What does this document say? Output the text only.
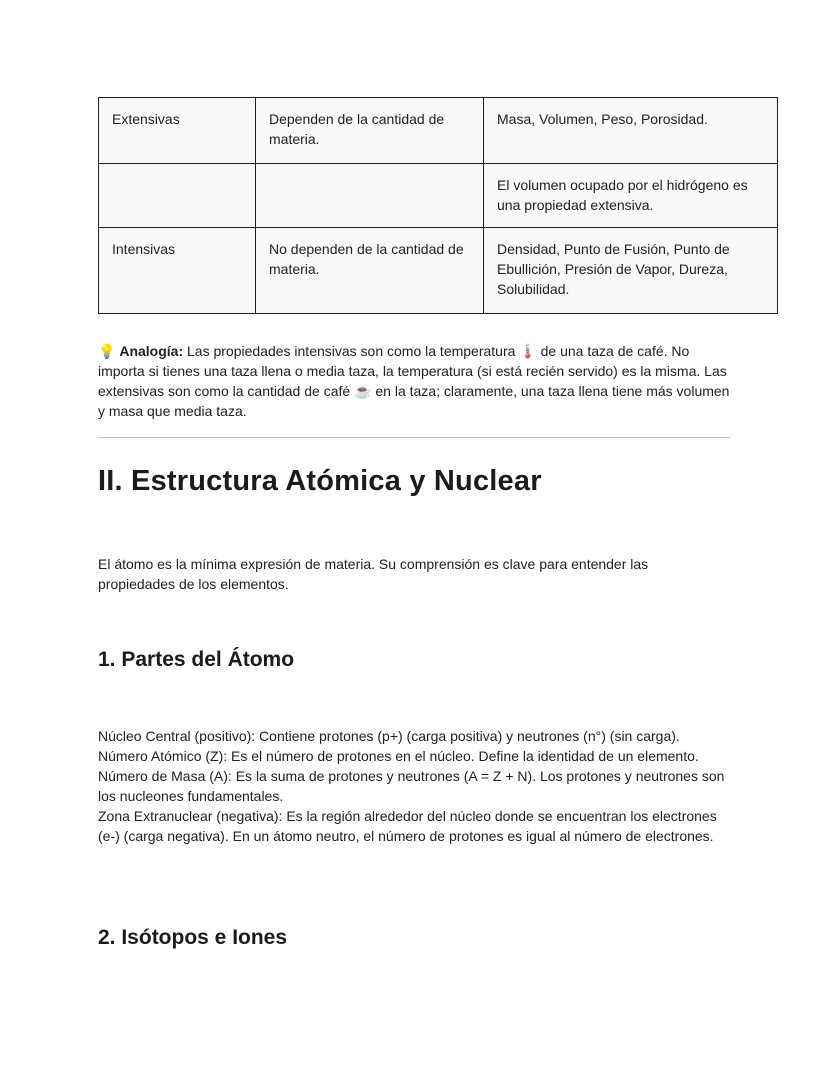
Extensivas	Dependen de la cantidad de materia.	Masa, Volumen, Peso, Porosidad.
		El volumen ocupado por el hidrógeno es una propiedad extensiva.
Intensivas	No dependen de la cantidad de materia.	Densidad, Punto de Fusión, Punto de Ebullición, Presión de Vapor, Dureza, Solubilidad.

💡 Analogía: Las propiedades intensivas son como la temperatura 🌡️ de una taza de café. No importa si tienes una taza llena o media taza, la temperatura (si está recién servido) es la misma. Las extensivas son como la cantidad de café ☕ en la taza; claramente, una taza llena tiene más volumen y masa que media taza.

II. Estructura Atómica y Nuclear

El átomo es la mínima expresión de materia. Su comprensión es clave para entender las propiedades de los elementos.

1. Partes del Átomo

Núcleo Central (positivo): Contiene protones (p+) (carga positiva) y neutrones (n°) (sin carga).

Número Atómico (Z): Es el número de protones en el núcleo. Define la identidad de un elemento.

Número de Masa (A): Es la suma de protones y neutrones (A = Z + N). Los protones y neutrones son los nucleones fundamentales.

Zona Extranuclear (negativa): Es la región alrededor del núcleo donde se encuentran los electrones (e-) (carga negativa). En un átomo neutro, el número de protones es igual al número de electrones.

2. Isótopos e Iones
